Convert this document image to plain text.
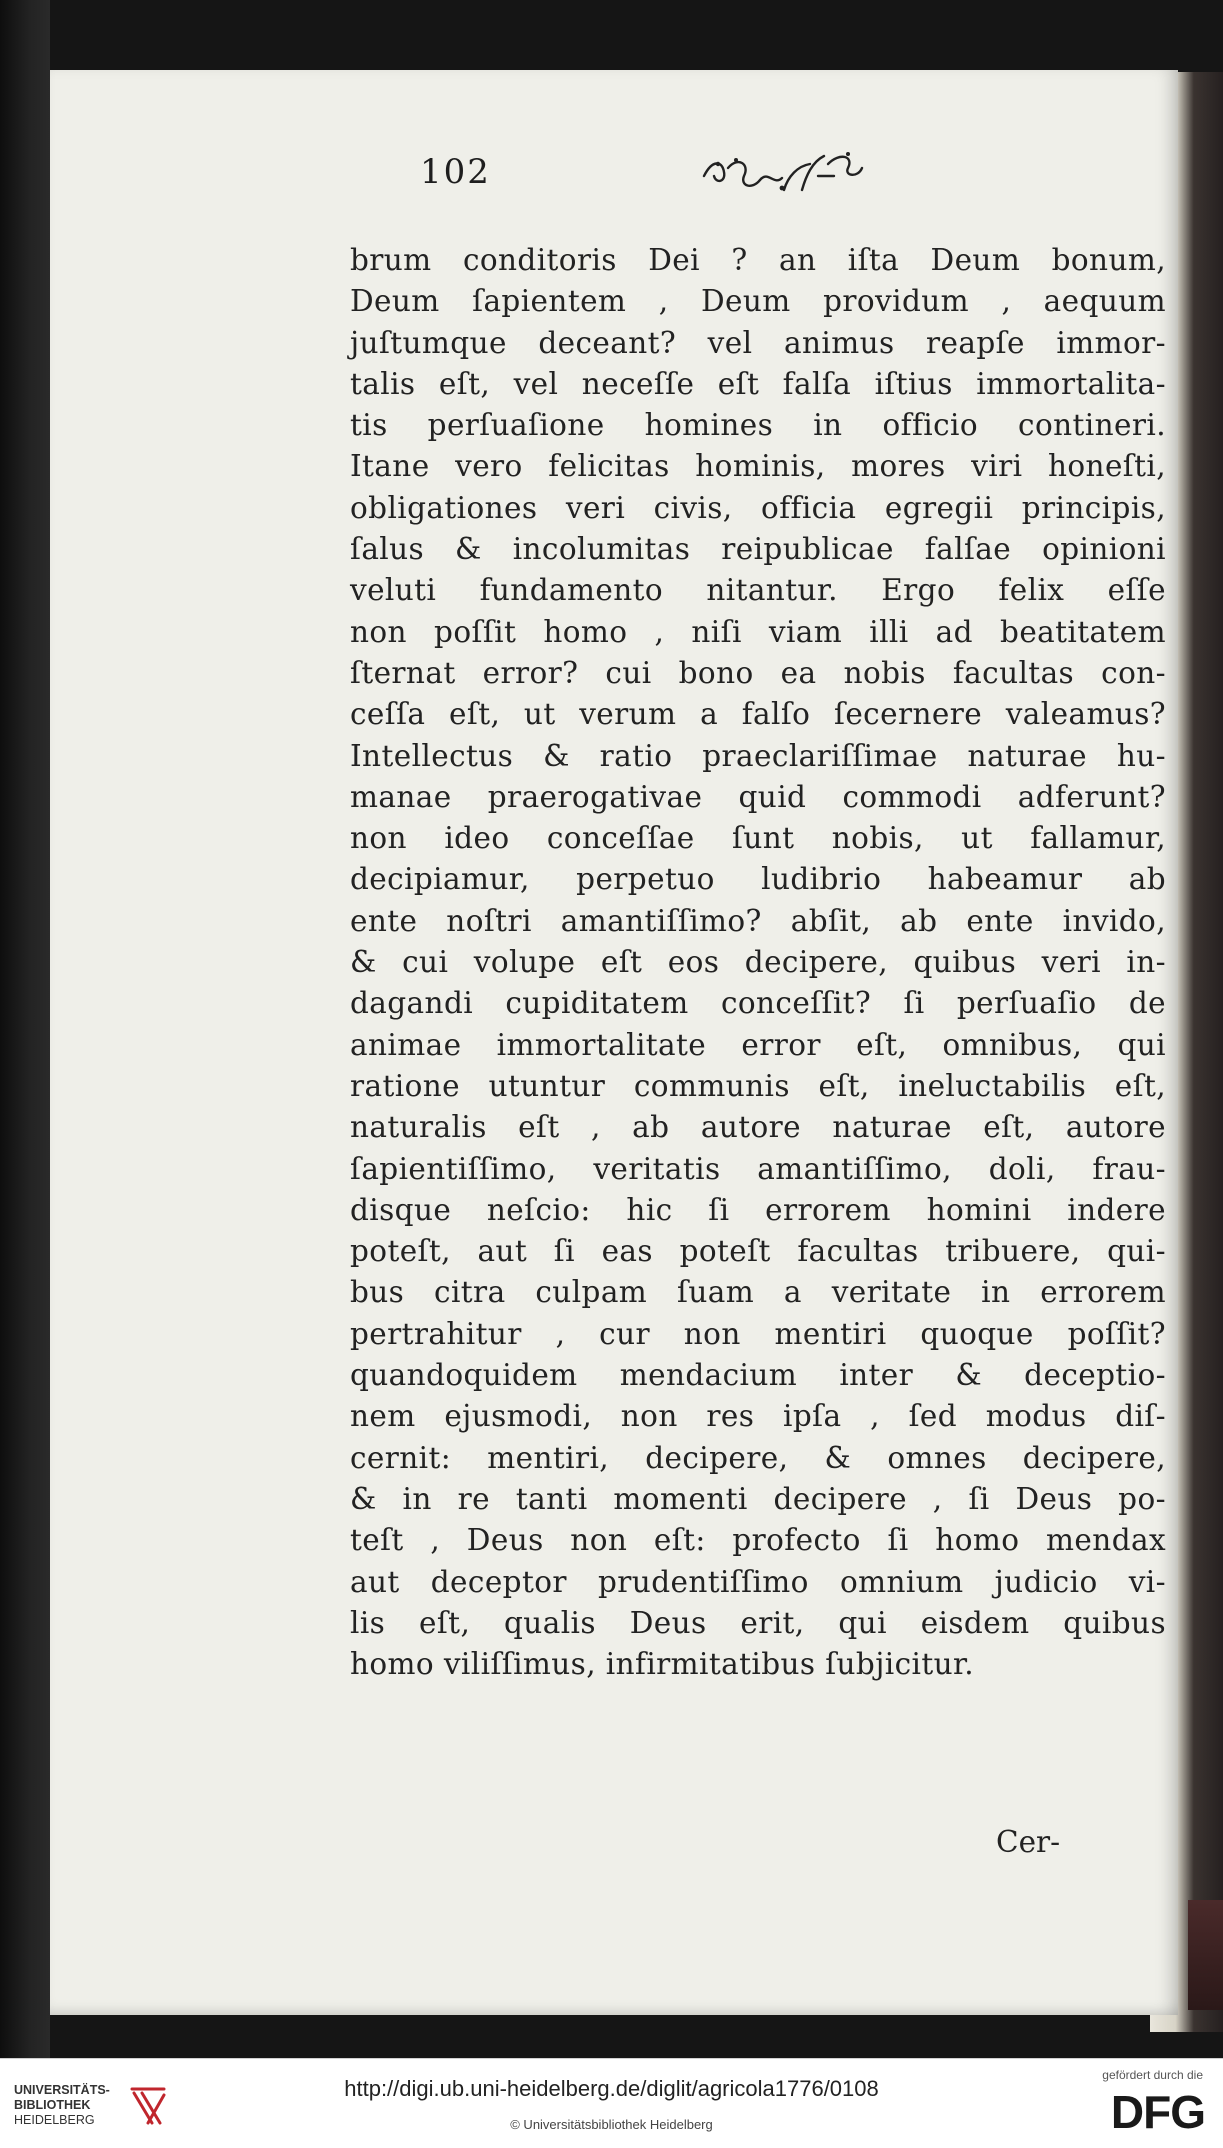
102
brum conditoris Dei ? an iſta Deum bonum,
Deum ſapientem , Deum providum , aequum
juſtumque deceant? vel animus reapſe immor-
talis eſt, vel neceſſe eſt falſa iſtius immortalita-
tis perſuaſione homines in officio contineri.
Itane vero felicitas hominis, mores viri honeſti,
obligationes veri civis, officia egregii principis,
ſalus & incolumitas reipublicae falſae opinioni
veluti fundamento nitantur. Ergo felix eſſe
non poſſit homo , niſi viam illi ad beatitatem
ſternat error? cui bono ea nobis facultas con-
ceſſa eſt, ut verum a falſo ſecernere valeamus?
Intellectus & ratio praeclariſſimae naturae hu-
manae praerogativae quid commodi adferunt?
non ideo conceſſae ſunt nobis, ut fallamur,
decipiamur, perpetuo ludibrio habeamur ab
ente noſtri amantiſſimo? abſit, ab ente invido,
& cui volupe eſt eos decipere, quibus veri in-
dagandi cupiditatem conceſſit? ſi perſuaſio de
animae immortalitate error eſt, omnibus, qui
ratione utuntur communis eſt, ineluctabilis eſt,
naturalis eſt , ab autore naturae eſt, autore
ſapientiſſimo, veritatis amantiſſimo, doli, frau-
disque neſcio: hic ſi errorem homini indere
poteſt, aut ſi eas poteſt facultas tribuere, qui-
bus citra culpam ſuam a veritate in errorem
pertrahitur , cur non mentiri quoque poſſit?
quandoquidem mendacium inter & deceptio-
nem ejusmodi, non res ipſa , ſed modus diſ-
cernit: mentiri, decipere, & omnes decipere,
& in re tanti momenti decipere , ſi Deus po-
teſt , Deus non eſt: profecto ſi homo mendax
aut deceptor prudentiſſimo omnium judicio vi-
lis eſt, qualis Deus erit, qui eisdem quibus
homo viliſſimus, infirmitatibus ſubjicitur.
Cer-
UNIVERSITÄTS-
BIBLIOTHEK
HEIDELBERG
http://digi.ub.uni-heidelberg.de/diglit/agricola1776/0108
© Universitätsbibliothek Heidelberg
gefördert durch die
DFG
